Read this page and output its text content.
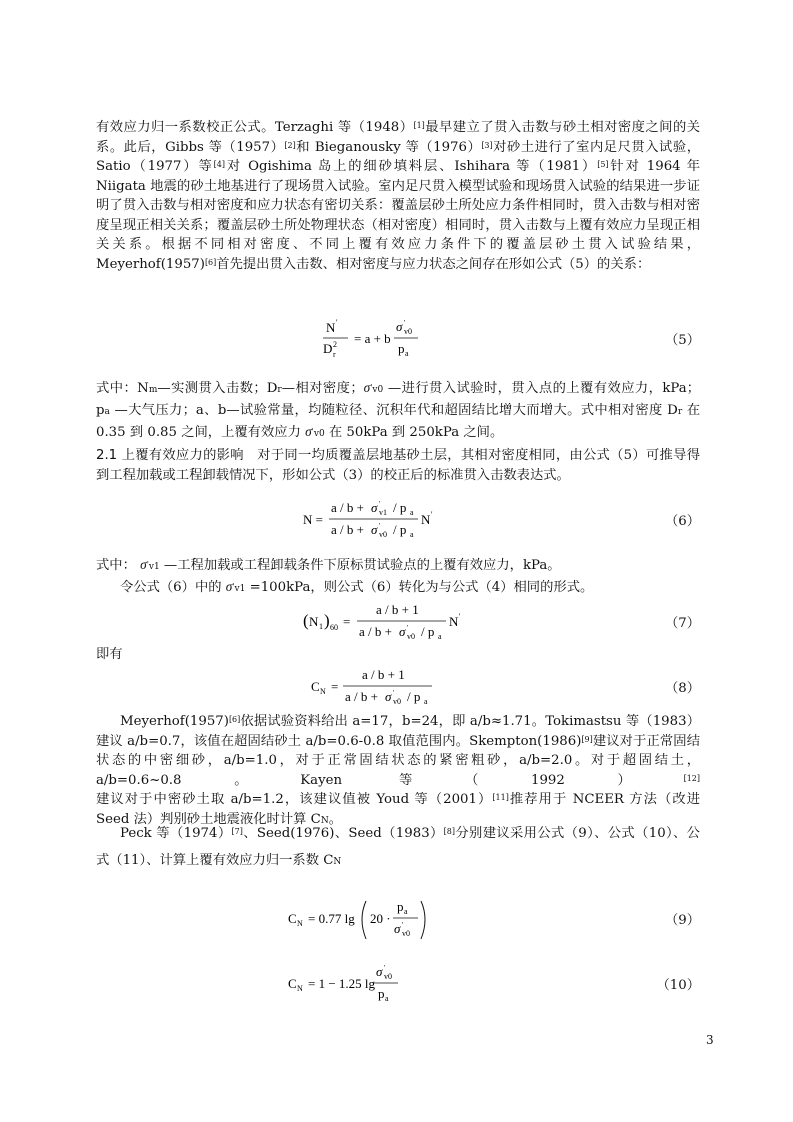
有效应力归一系数校正公式。Terzaghi 等（1948）[1]最早建立了贯入击数与砂土相对密度之间的关系。此后，Gibbs 等（1957）[2]和 Bieganousky 等（1976）[3]对砂土进行了室内足尺贯入试验，Satio（1977）等[4]对 Ogishima 岛上的细砂填料层、Ishihara 等（1981）[5]针对 1964 年 Niigata 地震的砂土地基进行了现场贯入试验。室内足尺贯入模型试验和现场贯入试验的结果进一步证明了贯入击数与相对密度和应力状态有密切关系：覆盖层砂土所处应力条件相同时，贯入击数与相对密度呈现正相关关系；覆盖层砂土所处物理状态（相对密度）相同时，贯入击数与上覆有效应力呈现正相关关系。根据不同相对密度、不同上覆有效应力条件下的覆盖层砂土贯入试验结果， Meyerhof(1957)[6]首先提出贯入击数、相对密度与应力状态之间存在形如公式（5）的关系：
N '
D r
2 = a + b
σ '
v0
p a
（5）
式中：Nm—实测贯入击数；Dr—相对密度；σ'v0 —进行贯入试验时，贯入点的上覆有效应力，kPa； pa —大气压力；a、b—试验常量，均随粒径、沉积年代和超固结比增大而增大。式中相对密度 Dr 在 0.35 到 0.85 之间，上覆有效应力 σ'v0 在 50kPa 到 250kPa 之间。
2.1 上覆有效应力的影响 对于同一均质覆盖层地基砂土层，其相对密度相同，由公式（5）可推导得到工程加载或工程卸载情况下，形如公式（3）的校正后的标准贯入击数表达式。
N =
a / b + σ '
v1 / p a
a / b + σ '
v0 / p a
N '	（6）
式中： σ'v1 —工程加载或工程卸载条件下原标贯试验点的上覆有效应力，kPa。
令公式（6）中的 σ'v1 =100kPa，则公式（6）转化为与公式（4）相同的形式。
( N 1 ) 60 =
a / b + 1
a / b + σ '
v0 / p a
N '	（7）
即有
C N =
a / b + 1
a / b + σ '
v0 / p a
（8）
Meyerhof(1957)[6]依据试验资料给出 a=17，b=24，即 a/b≈1.71。Tokimastsu 等（1983）建议 a/b=0.7，该值在超固结砂土 a/b=0.6-0.8 取值范围内。Skempton(1986)[9]建议对于正常固结状态的中密细砂，a/b=1.0，对于正常固结状态的紧密粗砂，a/b=2.0。对于超固结土，a/b=0.6~0.8。Kayen 等（1992）[12]建议对于中密砂土取 a/b=1.2，该建议值被 Youd 等（2001）[11]推荐用于 NCEER 方法（改进 Seed 法）判别砂土地震液化时计算 CN。
Peck 等（1974）[7]、Seed(1976)、Seed（1983）[8]分别建议采用公式（9）、公式（10）、公式（11）、计算上覆有效应力归一系数 CN
C N = 0.77 lg 20 ·
p a
σ '
v0
（9）
C N = 1 − 1.25 lg
σ '
v0
p a
（10）
3
